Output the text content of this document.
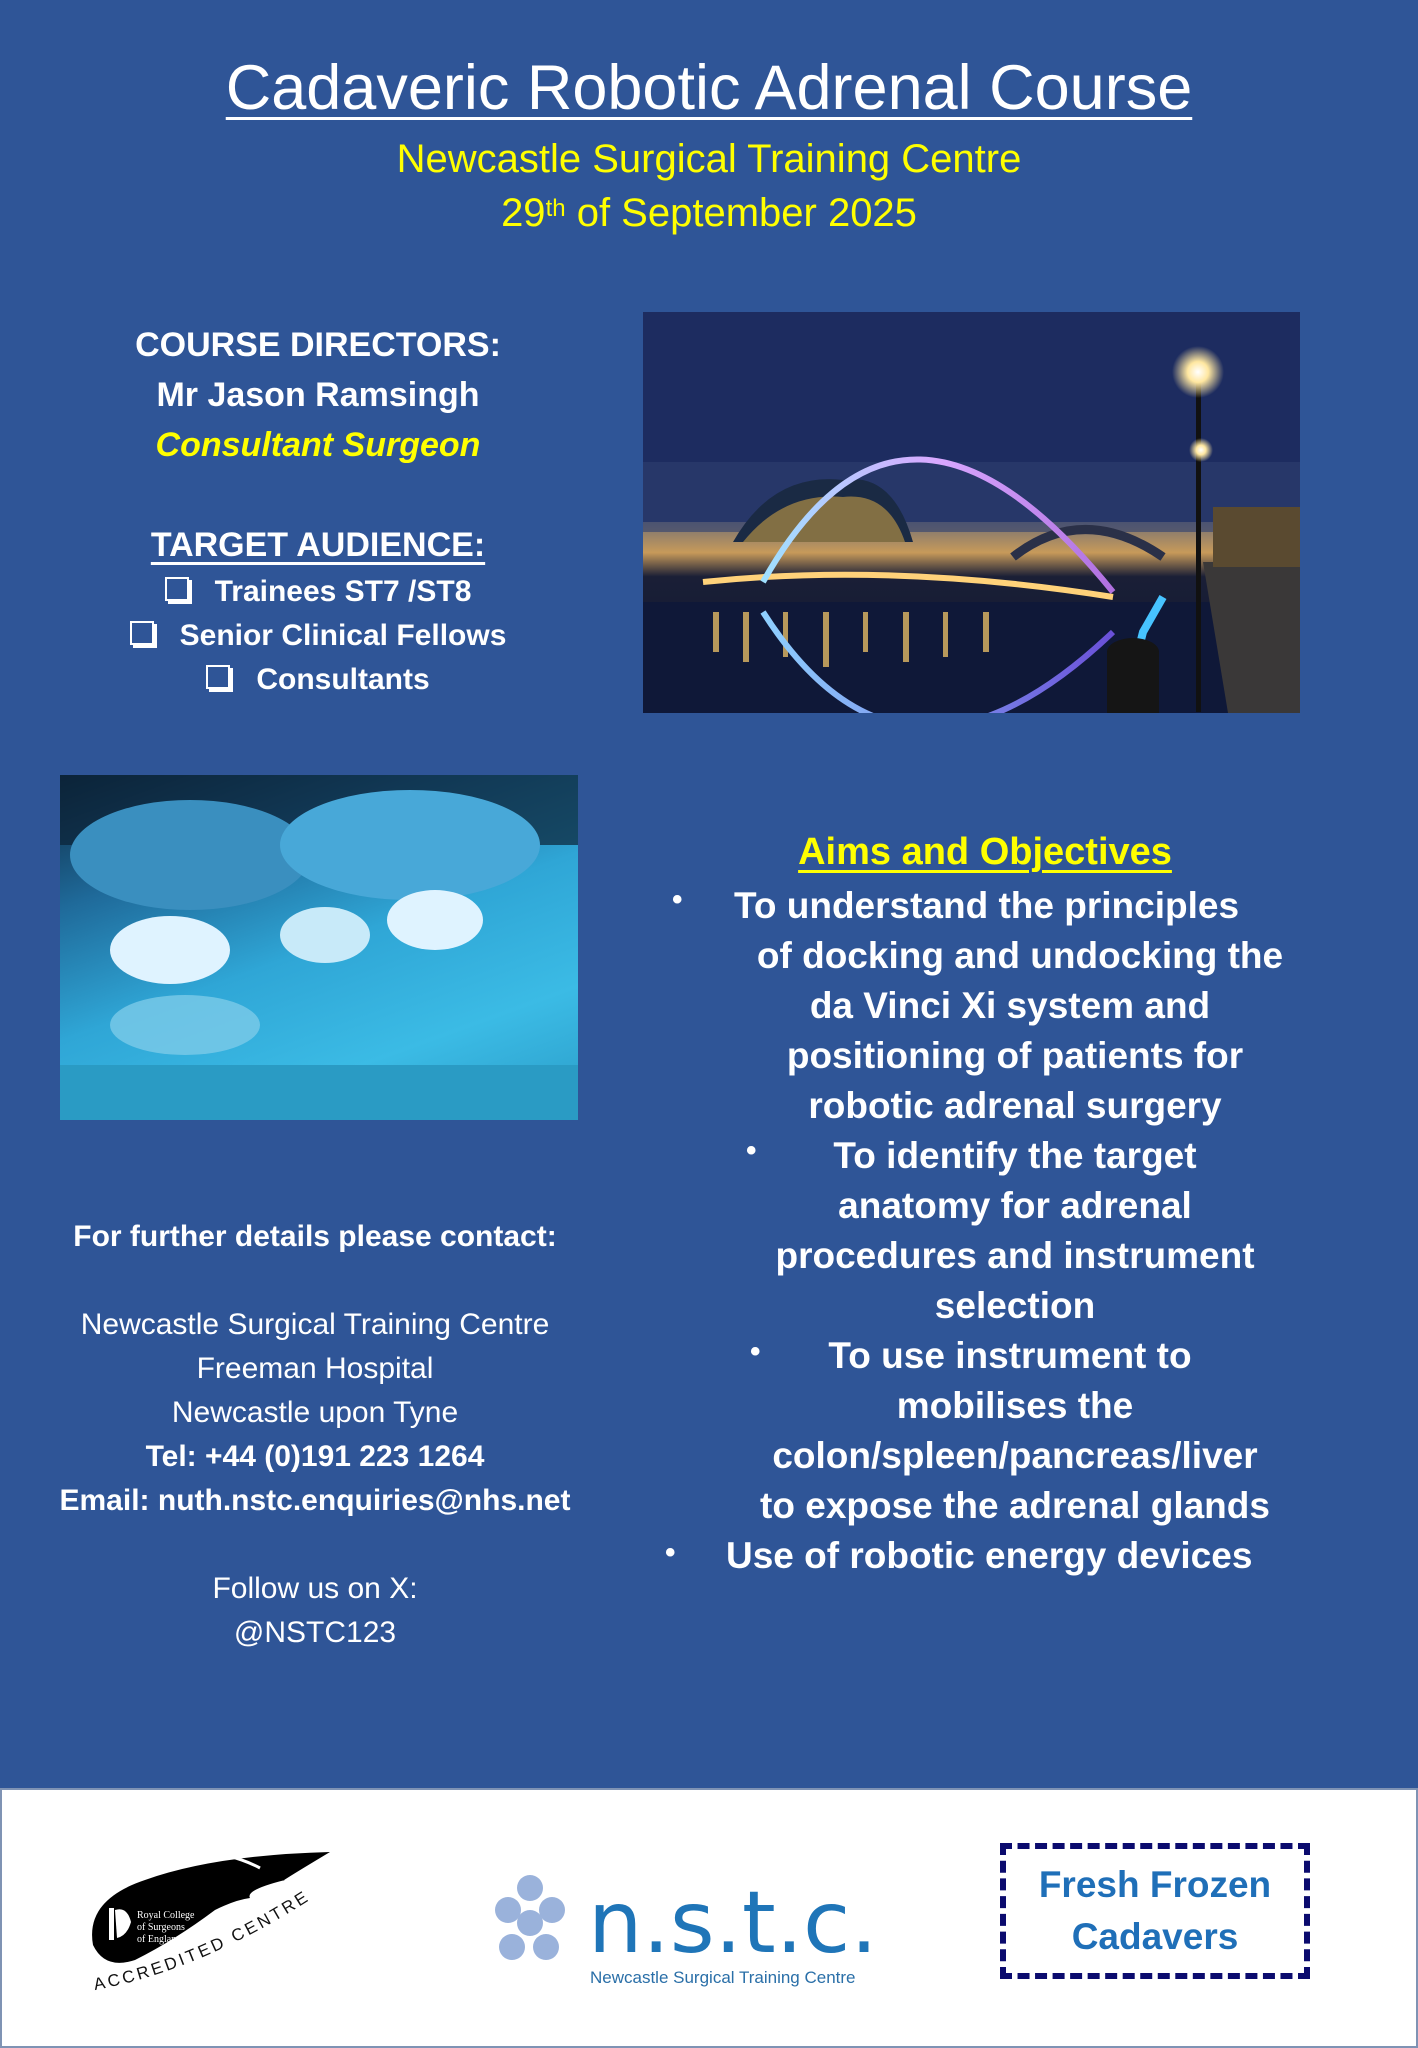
Cadaveric Robotic Adrenal Course
Newcastle Surgical Training Centre
29th of September 2025
COURSE DIRECTORS:
Mr Jason Ramsingh
Consultant Surgeon
TARGET AUDIENCE:
Trainees ST7 /ST8
Senior Clinical Fellows
Consultants
Aims and Objectives
•
•
•
•
To understand the principles
of docking and undocking the
da Vinci Xi system and
positioning of patients for
robotic adrenal surgery
To identify the target
anatomy for adrenal
procedures and instrument
selection
To use instrument to
mobilises the
colon/spleen/pancreas/liver
to expose the adrenal glands
Use of robotic energy devices
For further details please contact:
Newcastle Surgical Training Centre
Freeman Hospital
Newcastle upon Tyne
Tel: +44 (0)191 223 1264
Email: nuth.nstc.enquiries@nhs.net
Follow us on X:
@NSTC123
Royal College
of Surgeons
of England
ACCREDITED CENTRE	n.s.t.c.
Newcastle Surgical Training Centre
Fresh Frozen
Cadavers
